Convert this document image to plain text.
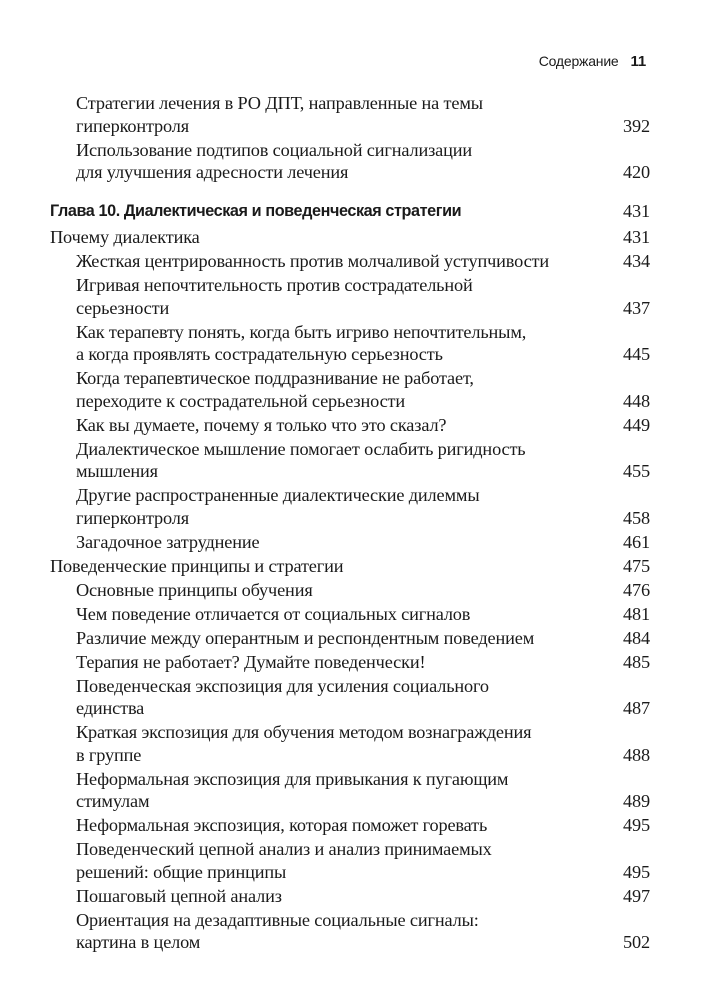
Содержание 11
Стратегии лечения в РО ДПТ, направленные на темы
гиперконтроля	392
Использование подтипов социальной сигнализации
для улучшения адресности лечения	420
Глава 10. Диалектическая и поведенческая стратегии	431
Почему диалектика	431
Жесткая центрированность против молчаливой уступчивости	434
Игривая непочтительность против сострадательной
серьезности	437
Как терапевту понять, когда быть игриво непочтительным,
а когда проявлять сострадательную серьезность	445
Когда терапевтическое поддразнивание не работает,
переходите к сострадательной серьезности	448
Как вы думаете, почему я только что это сказал?	449
Диалектическое мышление помогает ослабить ригидность
мышления	455
Другие распространенные диалектические дилеммы
гиперконтроля	458
Загадочное затруднение	461
Поведенческие принципы и стратегии	475
Основные принципы обучения	476
Чем поведение отличается от социальных сигналов	481
Различие между оперантным и респондентным поведением	484
Терапия не работает? Думайте поведенчески!	485
Поведенческая экспозиция для усиления социального
единства	487
Краткая экспозиция для обучения методом вознаграждения
в группе	488
Неформальная экспозиция для привыкания к пугающим
стимулам	489
Неформальная экспозиция, которая поможет горевать	495
Поведенческий цепной анализ и анализ принимаемых
решений: общие принципы	495
Пошаговый цепной анализ	497
Ориентация на дезадаптивные социальные сигналы:
картина в целом	502
